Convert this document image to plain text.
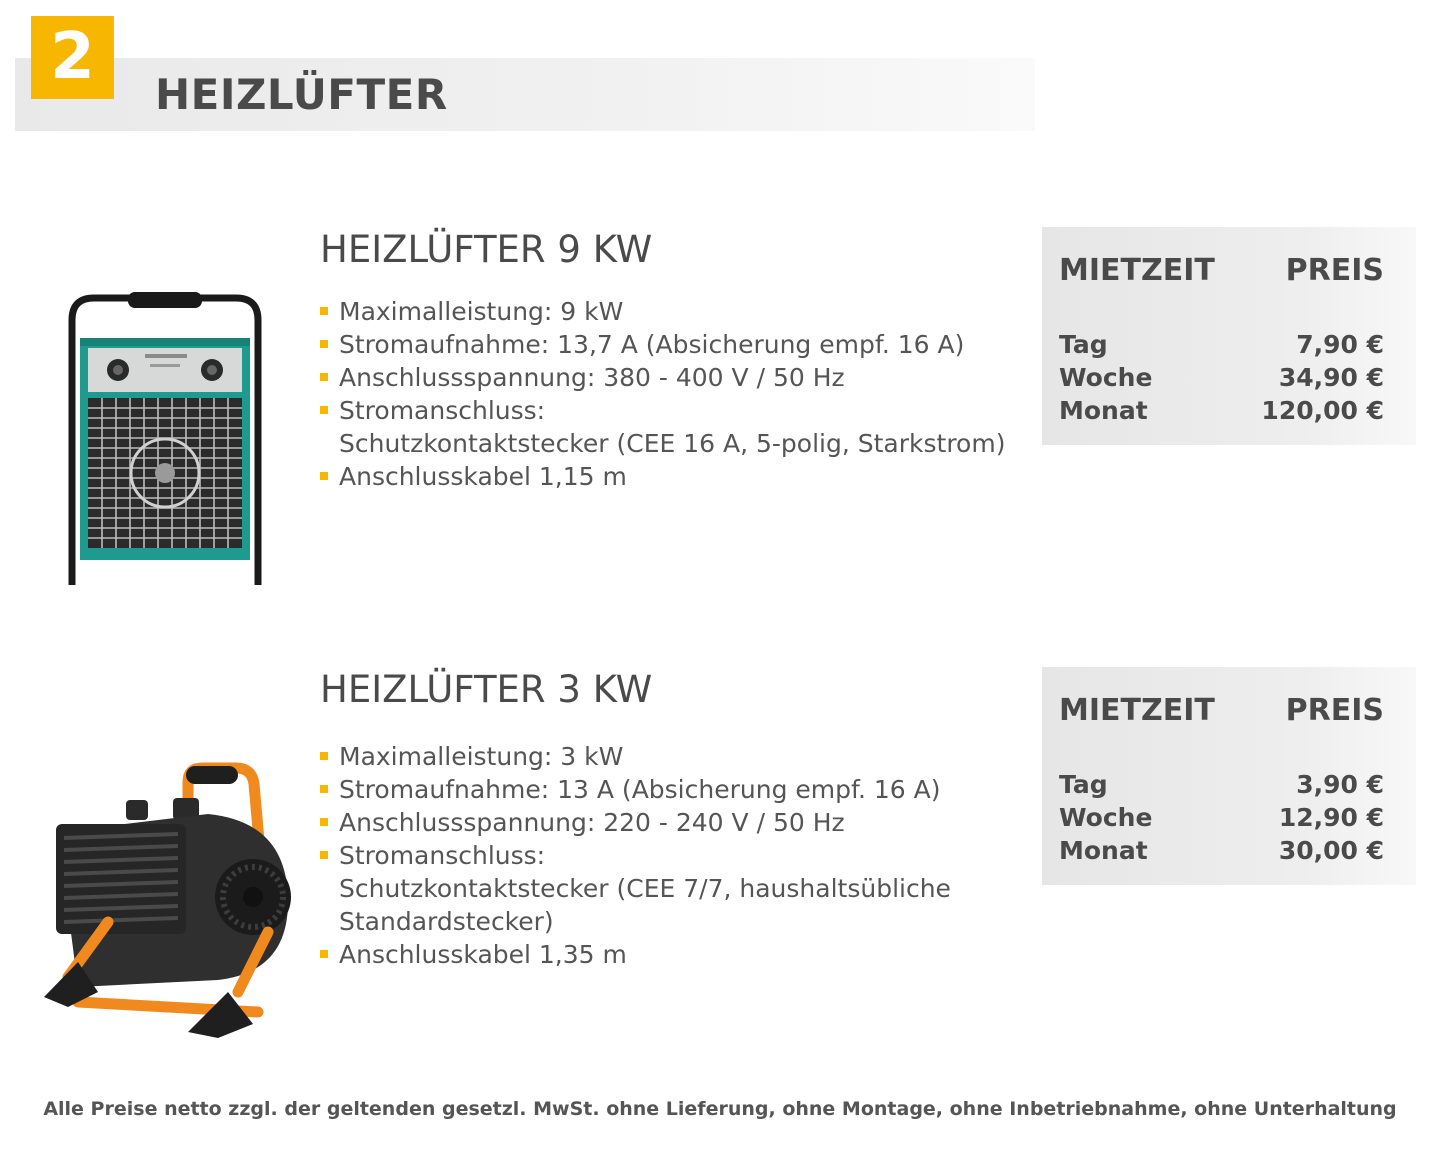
2
HEIZLÜFTER
HEIZLÜFTER 9 KW
Maximalleistung: 9 kW
Stromaufnahme: 13,7 A (Absicherung empf. 16 A)
Anschlussspannung: 380 - 400 V / 50 Hz
Stromanschluss:
Schutzkontaktstecker (CEE 16 A, 5-polig, Starkstrom)
Anschlusskabel 1,15 m
MIETZEIT PREIS
Tag	7,90 €
Woche	34,90 €
Monat	120,00 €
HEIZLÜFTER 3 KW
Maximalleistung: 3 kW
Stromaufnahme: 13 A (Absicherung empf. 16 A)
Anschlussspannung: 220 - 240 V / 50 Hz
Stromanschluss:
Schutzkontaktstecker (CEE 7/7, haushaltsübliche
Standardstecker)
Anschlusskabel 1,35 m
MIETZEIT PREIS
Tag	3,90 €
Woche	12,90 €
Monat	30,00 €
Alle Preise netto zzgl. der geltenden gesetzl. MwSt. ohne Lieferung, ohne Montage, ohne Inbetriebnahme, ohne Unterhaltung
